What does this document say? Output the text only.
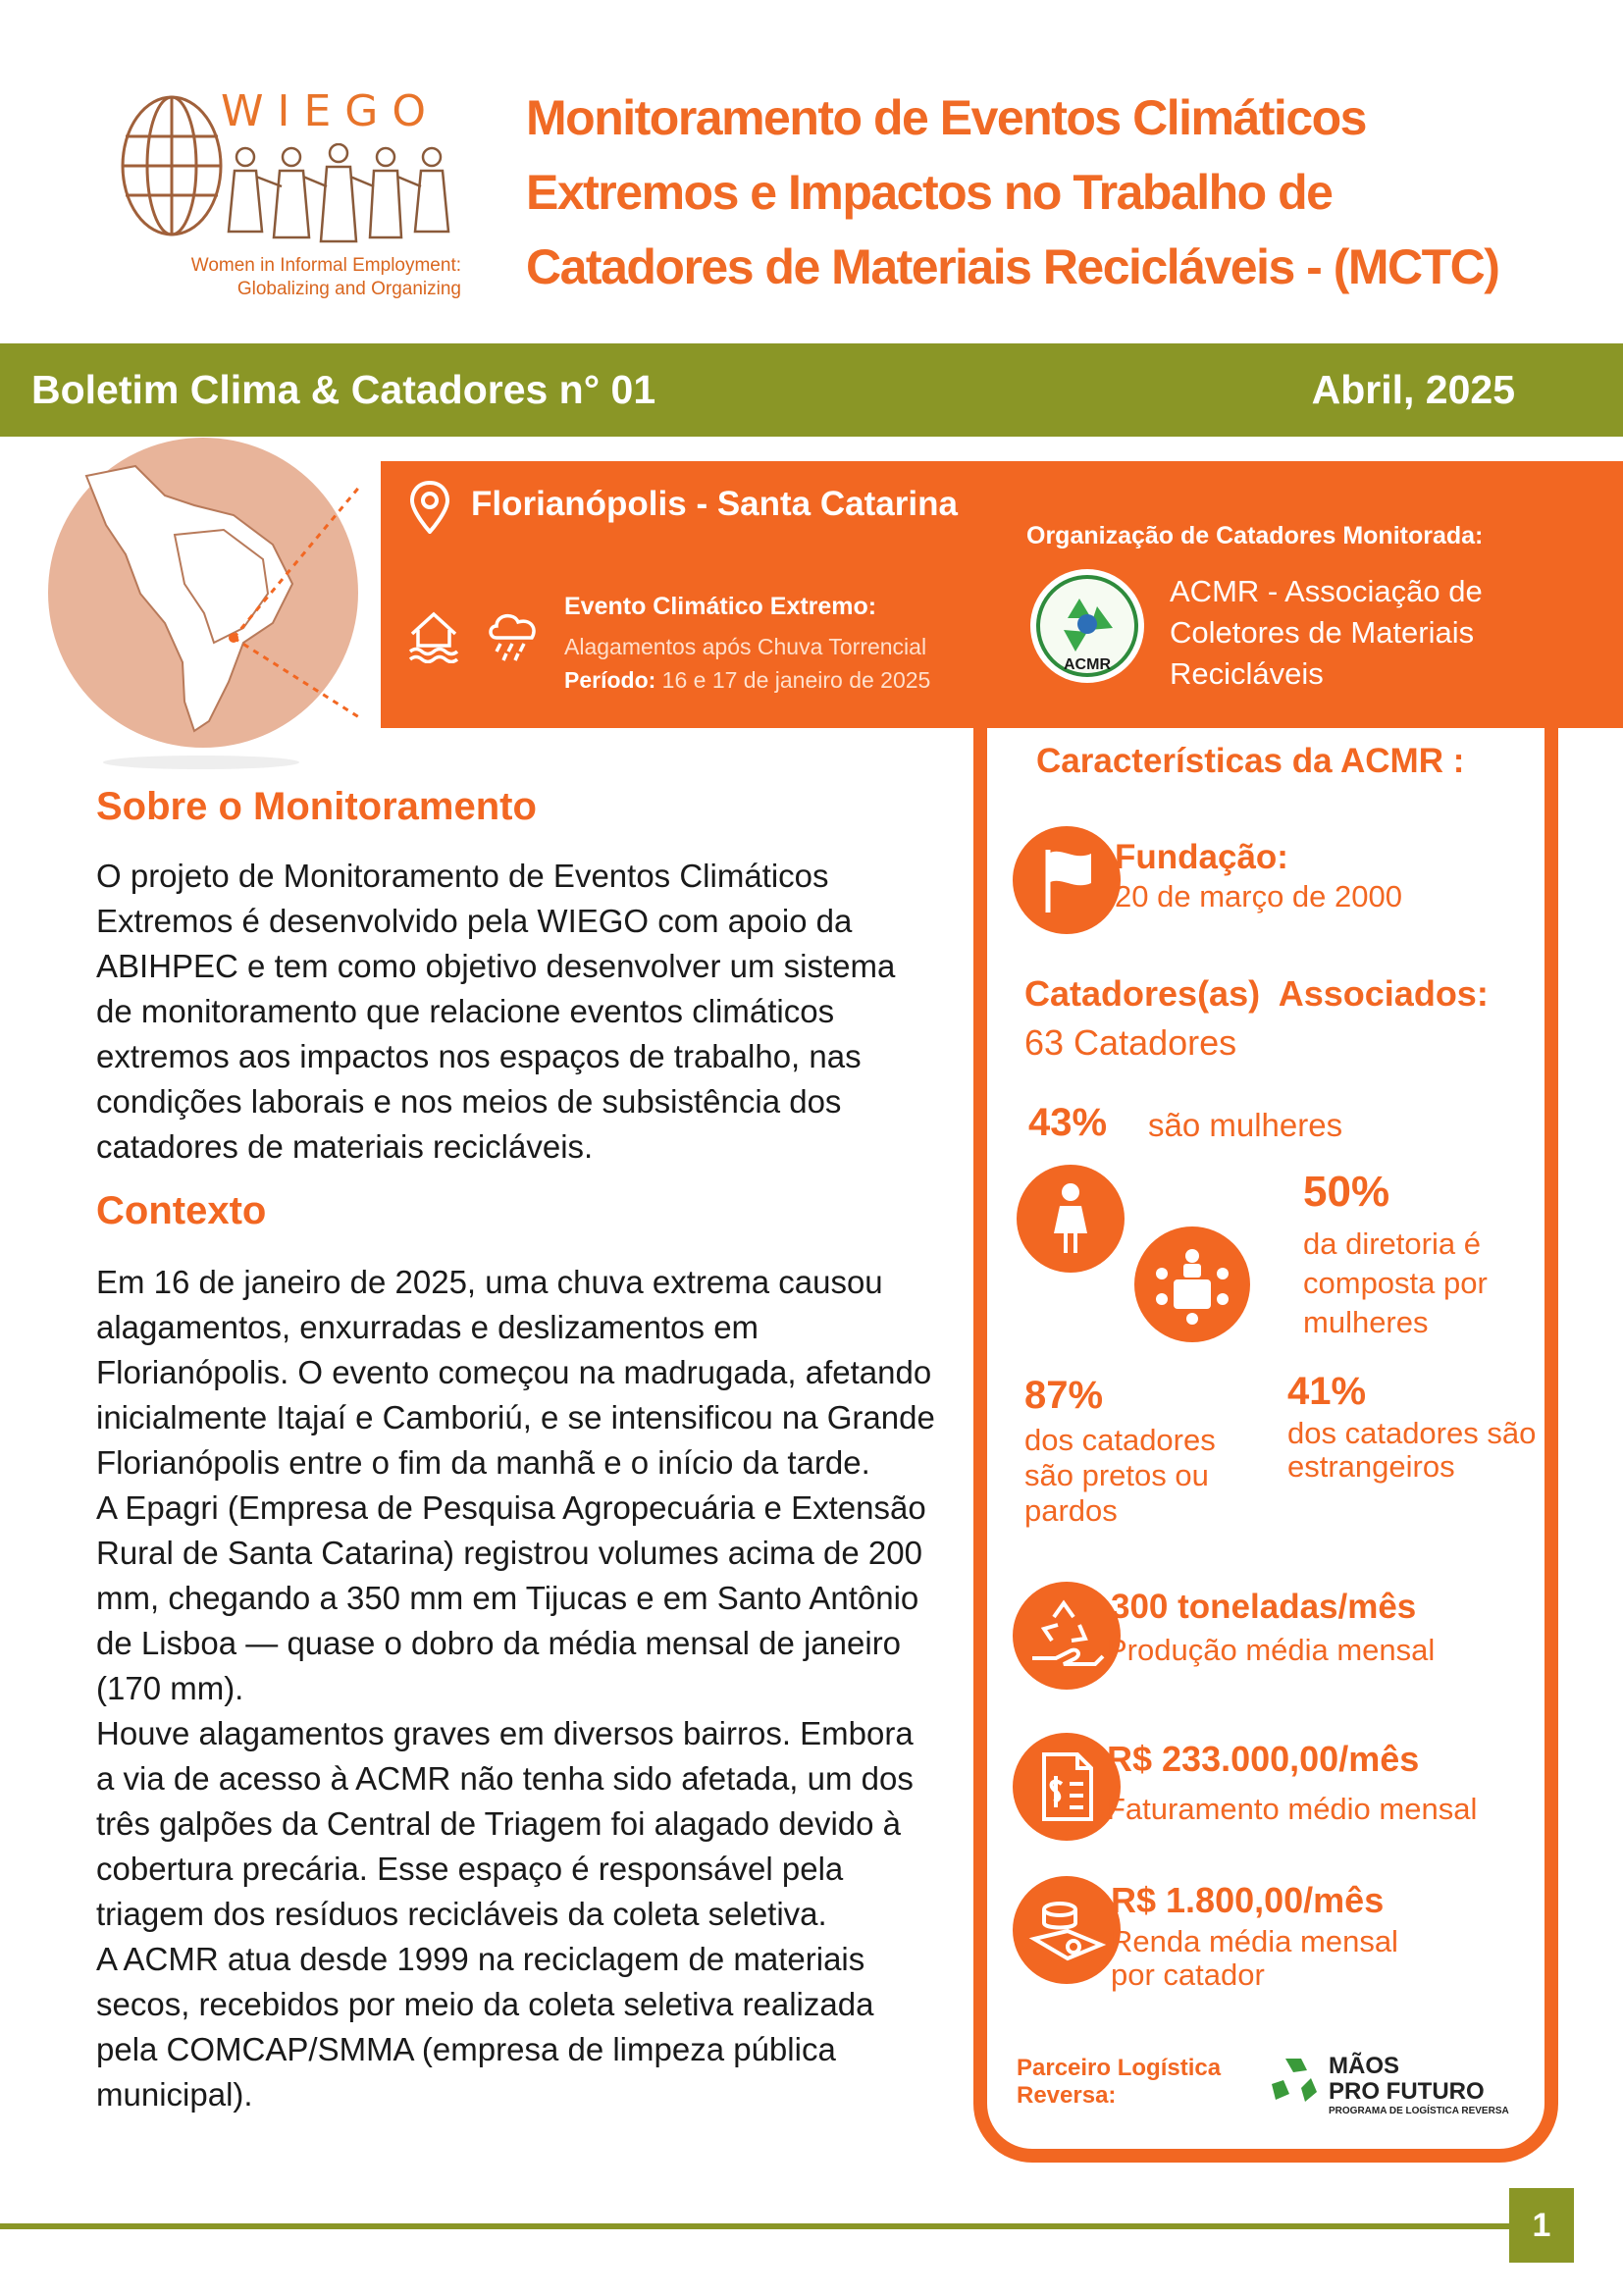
WIEGO
Women in Informal Employment:
Globalizing and Organizing
Monitoramento de Eventos Climáticos
Extremos e Impactos no Trabalho de
Catadores de Materiais Recicláveis - (MCTC)
Boletim Clima & Catadores n° 01	Abril, 2025
Florianópolis - Santa Catarina
Evento Climático Extremo:
Alagamentos após Chuva Torrencial
Período: 16 e 17 de janeiro de 2025
Organização de Catadores Monitorada:
ACMR
ACMR - Associação de Coletores de Materiais Recicláveis
Características da ACMR :
Fundação:
20 de março de 2000
Catadores(as)  Associados:
63 Catadores
43% são mulheres
50%
da diretoria é composta por mulheres
87%
dos catadores são pretos ou pardos
41%
dos catadores são estrangeiros
300 toneladas/mês
Produção média mensal
R$ 233.000,00/mês
Faturamento médio mensal
R$ 1.800,00/mês
Renda média mensal por catador
Parceiro Logística Reversa:
MÃOS
PRO FUTURO
PROGRAMA DE LOGÍSTICA REVERSA
Sobre o Monitoramento
O projeto de Monitoramento de Eventos Climáticos Extremos é desenvolvido pela WIEGO com apoio da ABIHPEC e tem como objetivo desenvolver um sistema de monitoramento que relacione eventos climáticos extremos aos impactos nos espaços de trabalho, nas condições laborais e nos meios de subsistência dos catadores de materiais recicláveis.
Contexto

Em 16 de janeiro de 2025, uma chuva extrema causou alagamentos, enxurradas e deslizamentos em Florianópolis. O evento começou na madrugada, afetando inicialmente Itajaí e Camboriú, e se intensificou na Grande Florianópolis entre o fim da manhã e o início da tarde.

A Epagri (Empresa de Pesquisa Agropecuária e Extensão Rural de Santa Catarina) registrou volumes acima de 200 mm, chegando a 350 mm em Tijucas e em Santo Antônio de Lisboa — quase o dobro da média mensal de janeiro (170 mm).

Houve alagamentos graves em diversos bairros. Embora a via de acesso à ACMR não tenha sido afetada, um dos três galpões da Central de Triagem foi alagado devido à cobertura precária. Esse espaço é responsável pela triagem dos resíduos recicláveis da coleta seletiva.

A ACMR atua desde 1999 na reciclagem de materiais secos, recebidos por meio da coleta seletiva realizada pela COMCAP/SMMA (empresa de limpeza pública municipal).

1
